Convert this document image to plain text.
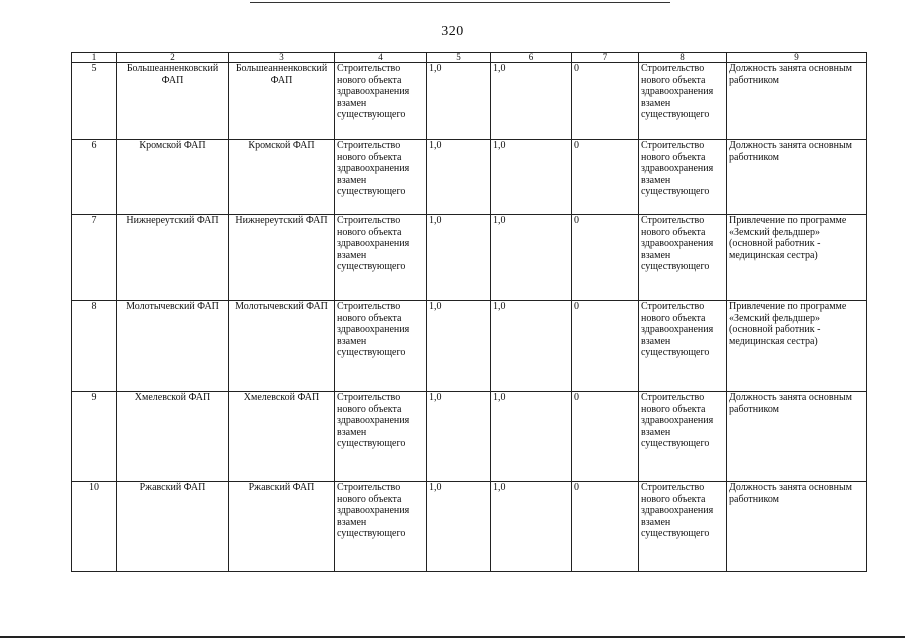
320
1	2	3	4	5	6	7	8	9
5	Большеанненковский ФАП	Большеанненковский ФАП	Строительство нового объекта здравоохранения взамен существующего	1,0	1,0	0	Строительство нового объекта здравоохранения взамен существующего	Должность занята основным работником
6	Кромской ФАП	Кромской ФАП	Строительство нового объекта здравоохранения взамен существующего	1,0	1,0	0	Строительство нового объекта здравоохранения взамен существующего	Должность занята основным работником
7	Нижнереутский ФАП	Нижнереутский ФАП	Строительство нового объекта здравоохранения взамен существующего	1,0	1,0	0	Строительство нового объекта здравоохранения взамен существующего	Привлечение по программе «Земский фельдшер» (основной работник - медицинская сестра)
8	Молотычевский ФАП	Молотычевский ФАП	Строительство нового объекта здравоохранения взамен существующего	1,0	1,0	0	Строительство нового объекта здравоохранения взамен существующего	Привлечение по программе «Земский фельдшер» (основной работник - медицинская сестра)
9	Хмелевской ФАП	Хмелевской ФАП	Строительство нового объекта здравоохранения взамен существующего	1,0	1,0	0	Строительство нового объекта здравоохранения взамен существующего	Должность занята основным работником
10	Ржавский ФАП	Ржавский ФАП	Строительство нового объекта здравоохранения взамен существующего	1,0	1,0	0	Строительство нового объекта здравоохранения взамен существующего	Должность занята основным работником
